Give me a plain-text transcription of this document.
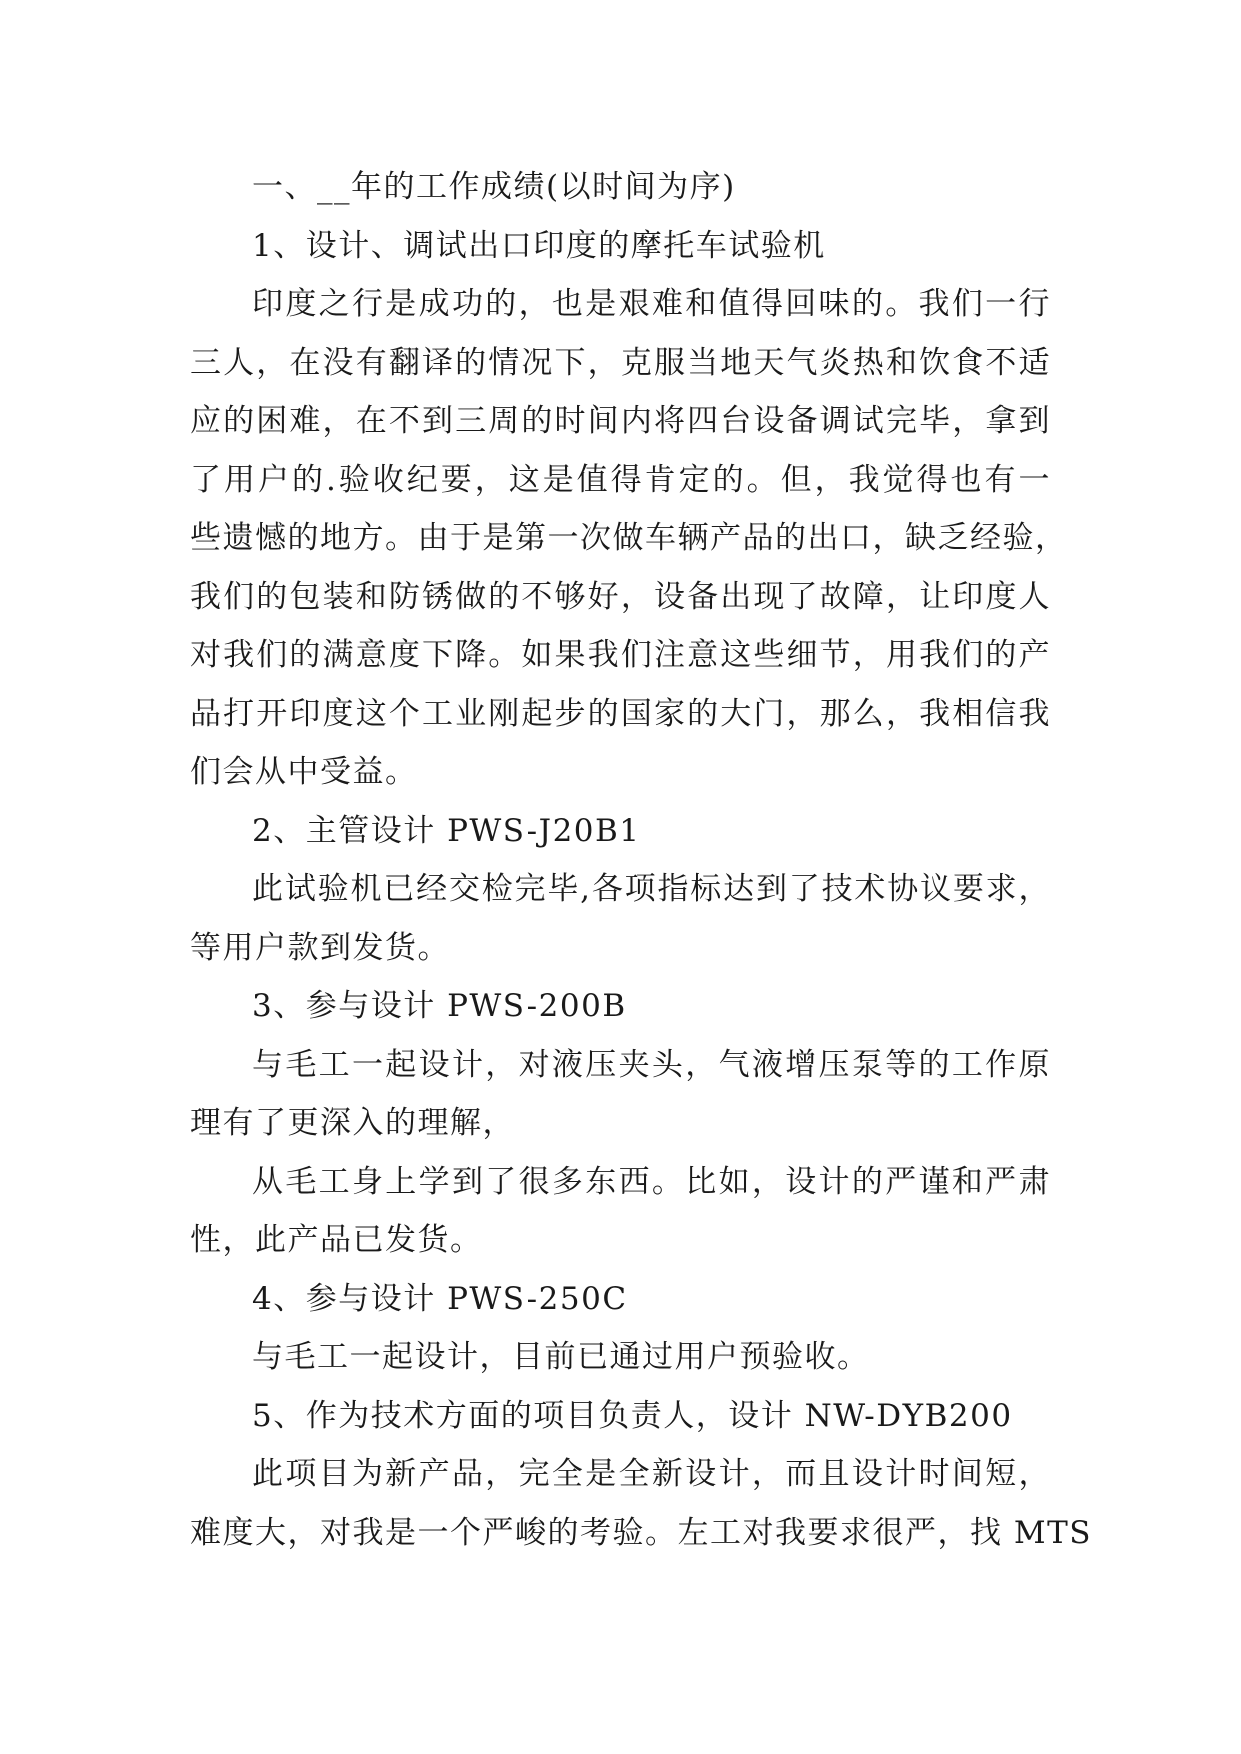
一、__年的工作成绩(以时间为序)
1、设计、调试出口印度的摩托车试验机
印度之行是成功的，也是艰难和值得回味的。我们一行
三人，在没有翻译的情况下，克服当地天气炎热和饮食不适
应的困难，在不到三周的时间内将四台设备调试完毕，拿到
了用户的.验收纪要，这是值得肯定的。但，我觉得也有一
些遗憾的地方。由于是第一次做车辆产品的出口，缺乏经验，
我们的包装和防锈做的不够好，设备出现了故障，让印度人
对我们的满意度下降。如果我们注意这些细节，用我们的产
品打开印度这个工业刚起步的国家的大门，那么，我相信我
们会从中受益。
2、主管设计 PWS-J20B1
此试验机已经交检完毕,各项指标达到了技术协议要求，
等用户款到发货。
3、参与设计 PWS-200B
与毛工一起设计，对液压夹头，气液增压泵等的工作原
理有了更深入的理解，
从毛工身上学到了很多东西。比如，设计的严谨和严肃
性，此产品已发货。
4、参与设计 PWS-250C
与毛工一起设计，目前已通过用户预验收。
5、作为技术方面的项目负责人，设计 NW-DYB200
此项目为新产品，完全是全新设计，而且设计时间短，
难度大，对我是一个严峻的考验。左工对我要求很严，找 MTS
